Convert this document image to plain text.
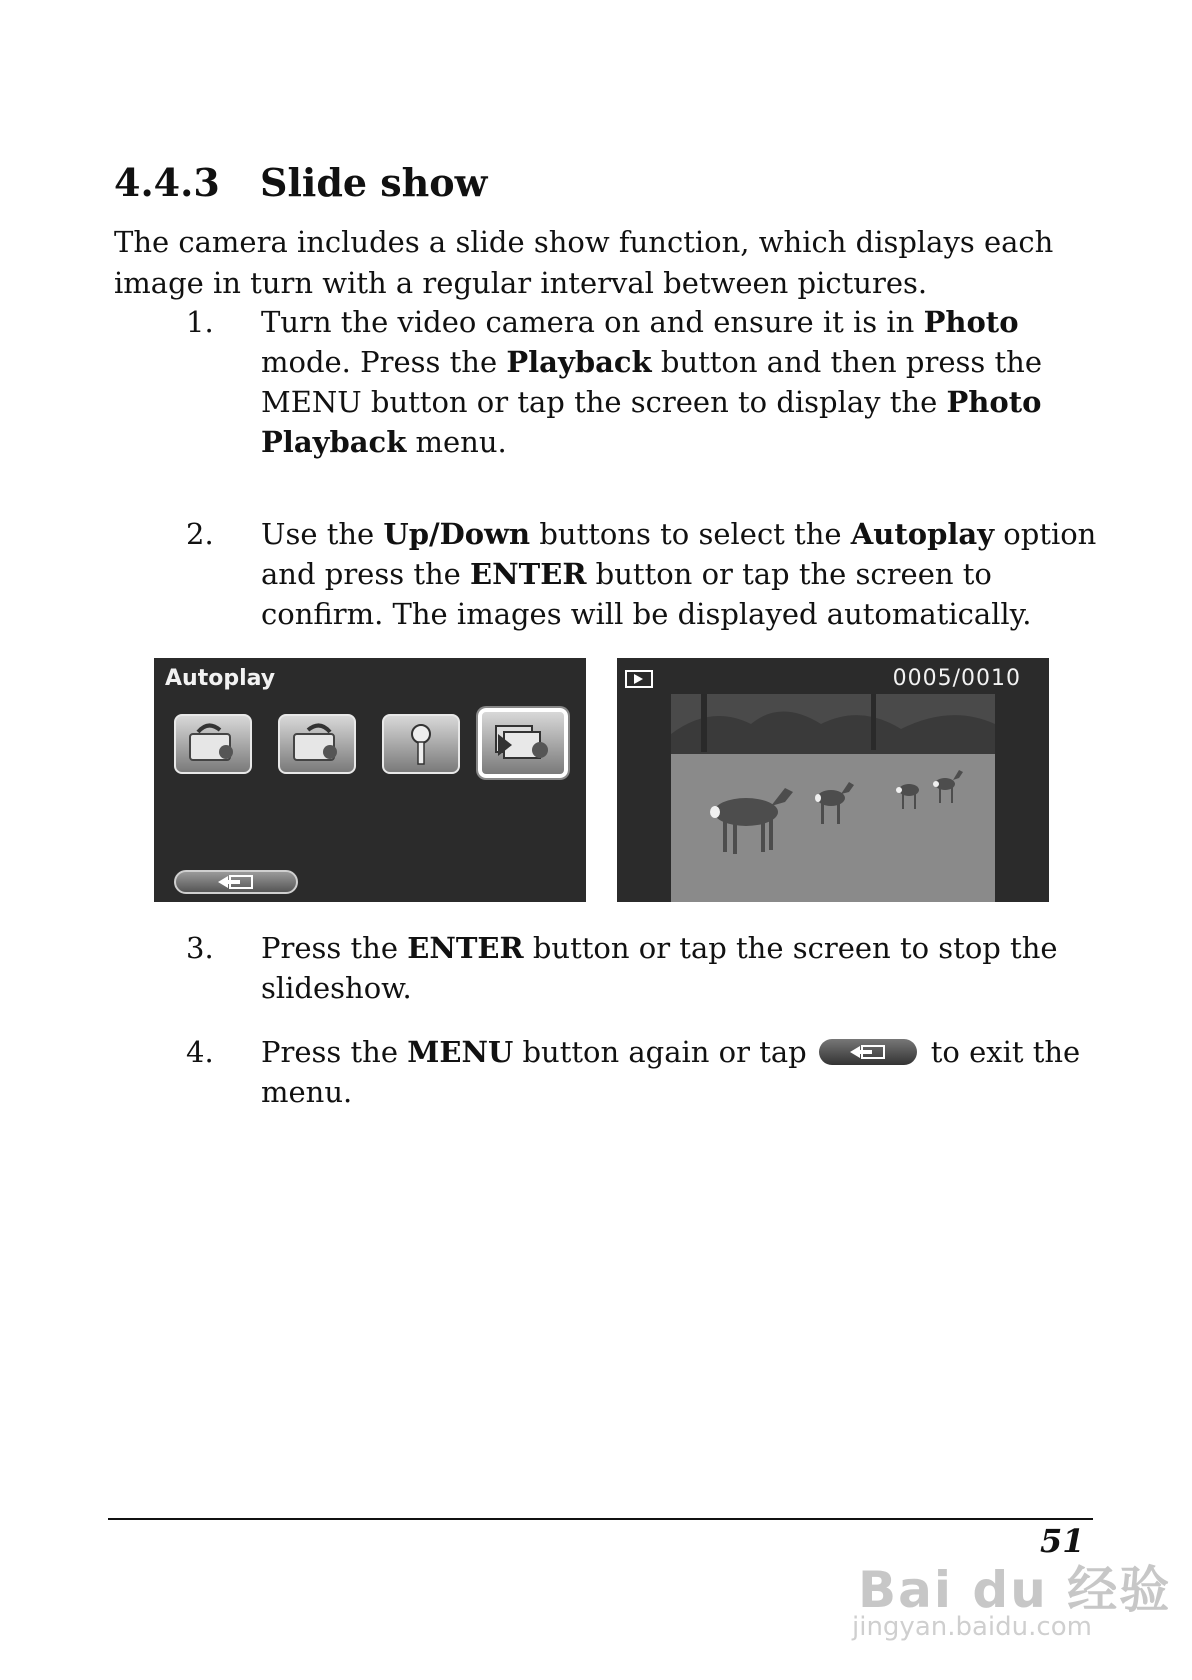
4.4.3 Slide show
The camera includes a slide show function, which displays each image in turn with a regular interval between pictures.
1. Turn the video camera on and ensure it is in Photo mode. Press the Playback button and then press the MENU button or tap the screen to display the Photo Playback menu.
2. Use the Up/Down buttons to select the Autoplay option and press the ENTER button or tap the screen to confirm. The images will be displayed automatically.
Autoplay	0005/0010
3. Press the ENTER button or tap the screen to stop the slideshow.
4. Press the MENU button again or tap	to exit the menu.
51
Bai du 经验
jingyan.baidu.com
